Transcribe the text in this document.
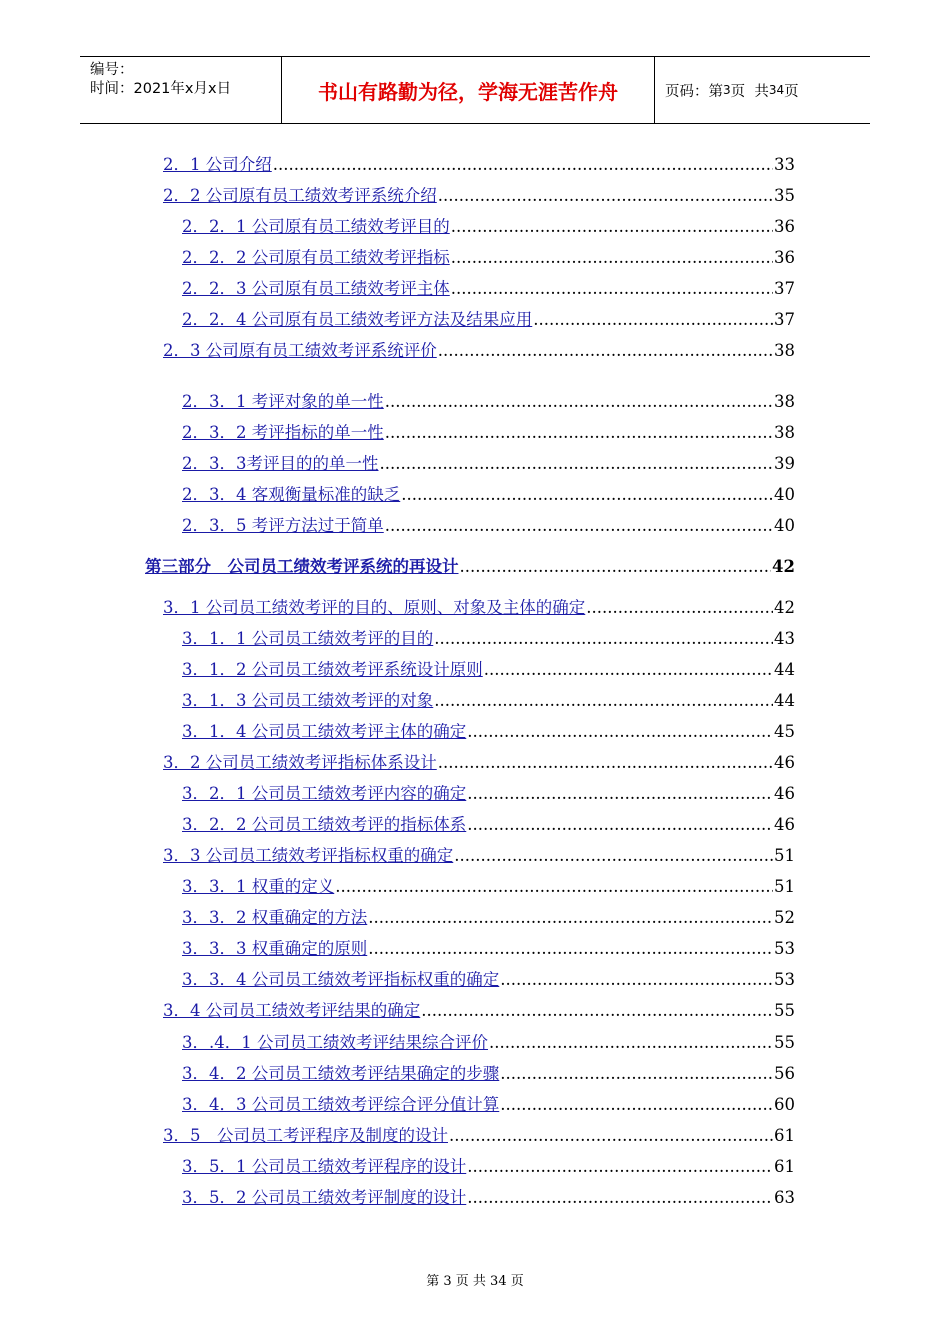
编号：
时间：2021年x月x日	书山有路勤为径，学海无涯苦作舟	页码：第 3 页  共 34 页
2．1 公司介绍 .....	33
2．2 公司原有员工绩效考评系统介绍 .....	35
2．2．1 公司原有员工绩效考评目的 .....	36
2．2．2 公司原有员工绩效考评指标 .....	36
2．2．3 公司原有员工绩效考评主体 .....	37
2．2．4 公司原有员工绩效考评方法及结果应用 .....	37
2．3 公司原有员工绩效考评系统评价 .....	38
2．3．1 考评对象的单一性 .....	38
2．3．2 考评指标的单一性 .....	38
2．3．3考评目的的单一性 .....	39
2．3．4 客观衡量标准的缺乏 .....	40
2．3．5 考评方法过于简单 .....	40
第三部分　公司员工绩效考评系统的再设计 .....	42
3．1 公司员工绩效考评的目的、原则、对象及主体的确定 .....	42
3．1．1 公司员工绩效考评的目的 .....	43
3．1．2 公司员工绩效考评系统设计原则 .....	44
3．1．3 公司员工绩效考评的对象 .....	44
3．1．4 公司员工绩效考评主体的确定 .....	45
3．2 公司员工绩效考评指标体系设计 .....	46
3．2．1 公司员工绩效考评内容的确定 .....	46
3．2．2 公司员工绩效考评的指标体系 .....	46
3．3 公司员工绩效考评指标权重的确定 .....	51
3．3．1 权重的定义 .....	51
3．3．2 权重确定的方法 .....	52
3．3．3 权重确定的原则 .....	53
3．3．4 公司员工绩效考评指标权重的确定 .....	53
3．4 公司员工绩效考评结果的确定 .....	55
3．.4．1 公司员工绩效考评结果综合评价 .....	55
3．4．2 公司员工绩效考评结果确定的步骤 .....	56
3．4．3 公司员工绩效考评综合评分值计算 .....	60
3．5　公司员工考评程序及制度的设计 .....	61
3．5．1 公司员工绩效考评程序的设计 .....	61
3．5．2 公司员工绩效考评制度的设计 .....	63
第 3 页 共 34 页
